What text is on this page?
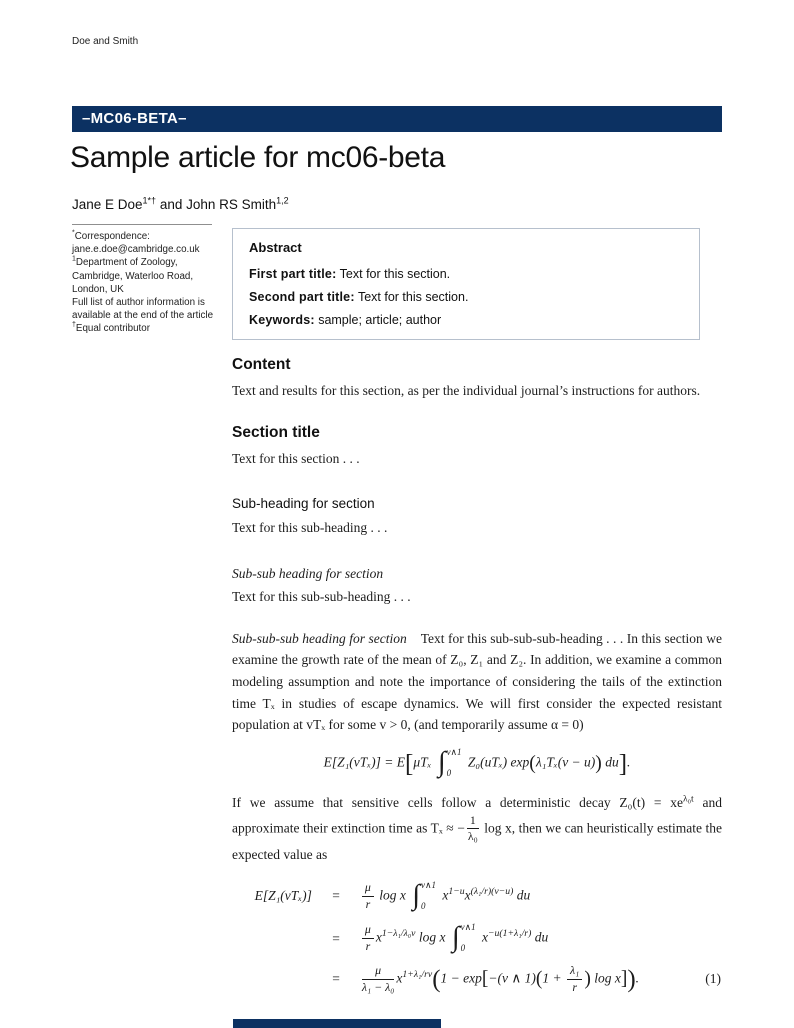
Doe and Smith
–MC06-BETA–
Sample article for mc06-beta
Jane E Doe$^{1*\dagger}$ and John RS Smith$^{1,2}$
*Correspondence:
jane.e.doe@cambridge.co.uk
$^1$Department of Zoology,
Cambridge, Waterloo Road,
London, UK
Full list of author information is
available at the end of the article
†Equal contributor
Abstract
First part title: Text for this section.
Second part title: Text for this section.
Keywords: sample; article; author
Content

Text and results for this section, as per the individual journal’s instructions for authors.

Section title

Text for this section . . .

Sub-heading for section

Text for this sub-heading . . .

Sub-sub heading for section

Text for this sub-sub-heading . . .

Sub-sub-sub heading for section Text for this sub-sub-sub-heading . . . In this section we examine the growth rate of the mean of Z₀, Z₁ and Z₂. In addition, we examine a common modeling assumption and note the importance of considering the tails of the extinction time Tₓ in studies of escape dynamics. We will first consider the expected resistant population at vTₓ for some v > 0, (and temporarily assume α = 0)

E[Z₁(vTₓ)] = E[μTₓ ∫ v∧1
0
Z₀(uTₓ) exp(λ₁Tₓ(v − u)) du].

If we assume that sensitive cells follow a deterministic decay $Z_0(t) = xe^{\lambda_0t}$ and approximate their extinction time as Tₓ ≈ − $\frac{1}{\text{λ₀}}$ log x, then we can heuristically estimate the expected value as

E[Z₁(vTₓ)]	=	$\frac{\mu}{r}$ log x ∫ v∧1
0
$x^{1-u}x^{(\lambda_1/r)(v-u)}$ du	
	=	$\frac{\mu}{r} x^{1-\lambda_1/\lambda_0v}$ log x ∫ v∧1
0
$x^{-u(1+\lambda_1/r)}$ du	
	=	$\frac{\mu}{\text{λ₁ − λ₀}} x^{1+\lambda_1/rv}(1 - \exp[-(v$ ∧ $1)(1 + \frac{\text{λ₁}}{r}$ ) log x]).	(1)
